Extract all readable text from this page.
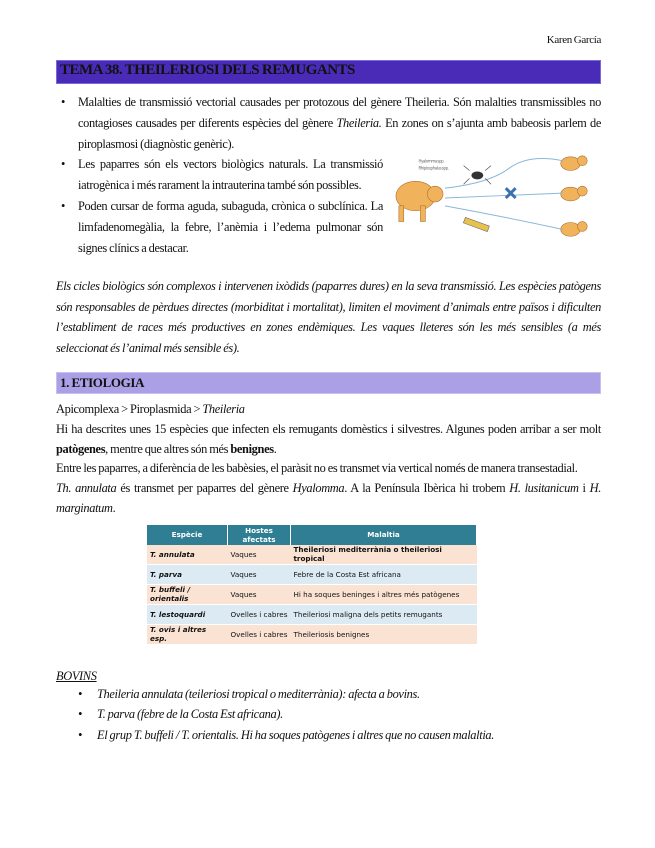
Karen García
TEMA 38. THEILERIOSI DELS REMUGANTS
• Malalties de transmissió vectorial causades per protozous del gènere Theileria. Són malalties transmissibles no contagioses causades per diferents espècies del gènere Theileria. En zones on s’ajunta amb babeosis parlem de piroplasmosi (diagnòstic genèric).
• Les paparres són els vectors biològics naturals. La transmissió iatrogènica i més rarament la intrauterina també són possibles.
• Poden cursar de forma aguda, subaguda, crònica o subclínica. La limfadenomegàlia, la febre, l’anèmia i l’edema pulmonar són signes clínics a destacar.
Hyalomma spp.
Rhipicephalus spp.

Els cicles biològics són complexos i intervenen ixòdids (paparres dures) en la seva transmissió. Les espècies patògens són responsables de pèrdues directes (morbiditat i mortalitat), limiten el moviment d’animals entre països i dificulten l’establiment de races més productives en zones endèmiques. Les vaques lleteres són les més sensibles (a més seleccionat és l’animal més sensible és).

1. ETIOLOGIA

Apicomplexa > Piroplasmida > Theileria

Hi ha descrites unes 15 espècies que infecten els remugants domèstics i silvestres. Algunes poden arribar a ser molt patògenes, mentre que altres són més benignes.

Entre les paparres, a diferència de les babèsies, el paràsit no es transmet via vertical només de manera transestadial.

Th. annulata és transmet per paparres del gènere Hyalomma. A la Península Ibèrica hi trobem H. lusitanicum i H. marginatum.

Espècie	Hostes afectats	Malaltia
T. annulata	Vaques	Theileriosi mediterrània o theileriosi tropical
T. parva	Vaques	Febre de la Costa Est africana
T. buffeli / orientalis	Vaques	Hi ha soques beninges i altres més patògenes
T. lestoquardi	Ovelles i cabres	Theileriosi maligna dels petits remugants
T. ovis i altres esp.	Ovelles i cabres	Theileriosis benignes
BOVINS
• Theileria annulata (teileriosi tropical o mediterrània): afecta a bovins.
• T. parva (febre de la Costa Est africana).
• El grup T. buffeli / T. orientalis. Hi ha soques patògenes i altres que no causen malaltia.
